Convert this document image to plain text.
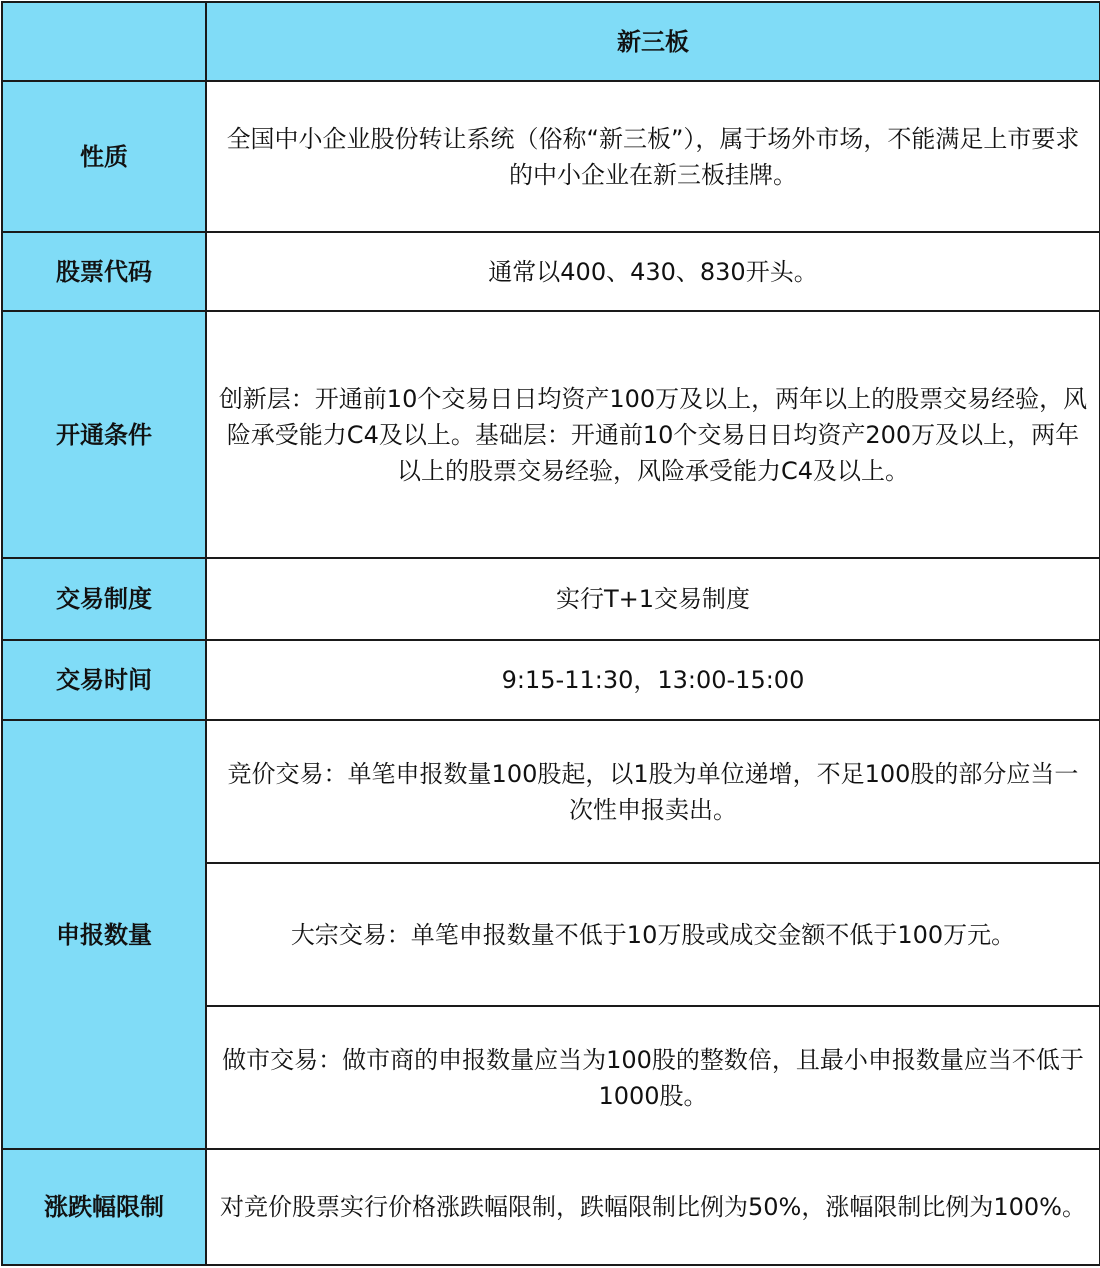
	新三板
性质	全国中小企业股份转让系统（俗称“新三板”），属于场外市场，不能满足上市要求的中小企业在新三板挂牌。
股票代码	通常以400、430、830开头。
开通条件	创新层：开通前10个交易日日均资产100万及以上，两年以上的股票交易经验，风险承受能力C4及以上。基础层：开通前10个交易日日均资产200万及以上，两年以上的股票交易经验，风险承受能力C4及以上。
交易制度	实行T+1交易制度
交易时间	9:15-11:30，13:00-15:00
申报数量	竞价交易：单笔申报数量100股起，以1股为单位递增，不足100股的部分应当一次性申报卖出。
	大宗交易：单笔申报数量不低于10万股或成交金额不低于100万元。
	做市交易：做市商的申报数量应当为100股的整数倍，且最小申报数量应当不低于1000股。
涨跌幅限制	对竞价股票实行价格涨跌幅限制，跌幅限制比例为50%，涨幅限制比例为100%。
